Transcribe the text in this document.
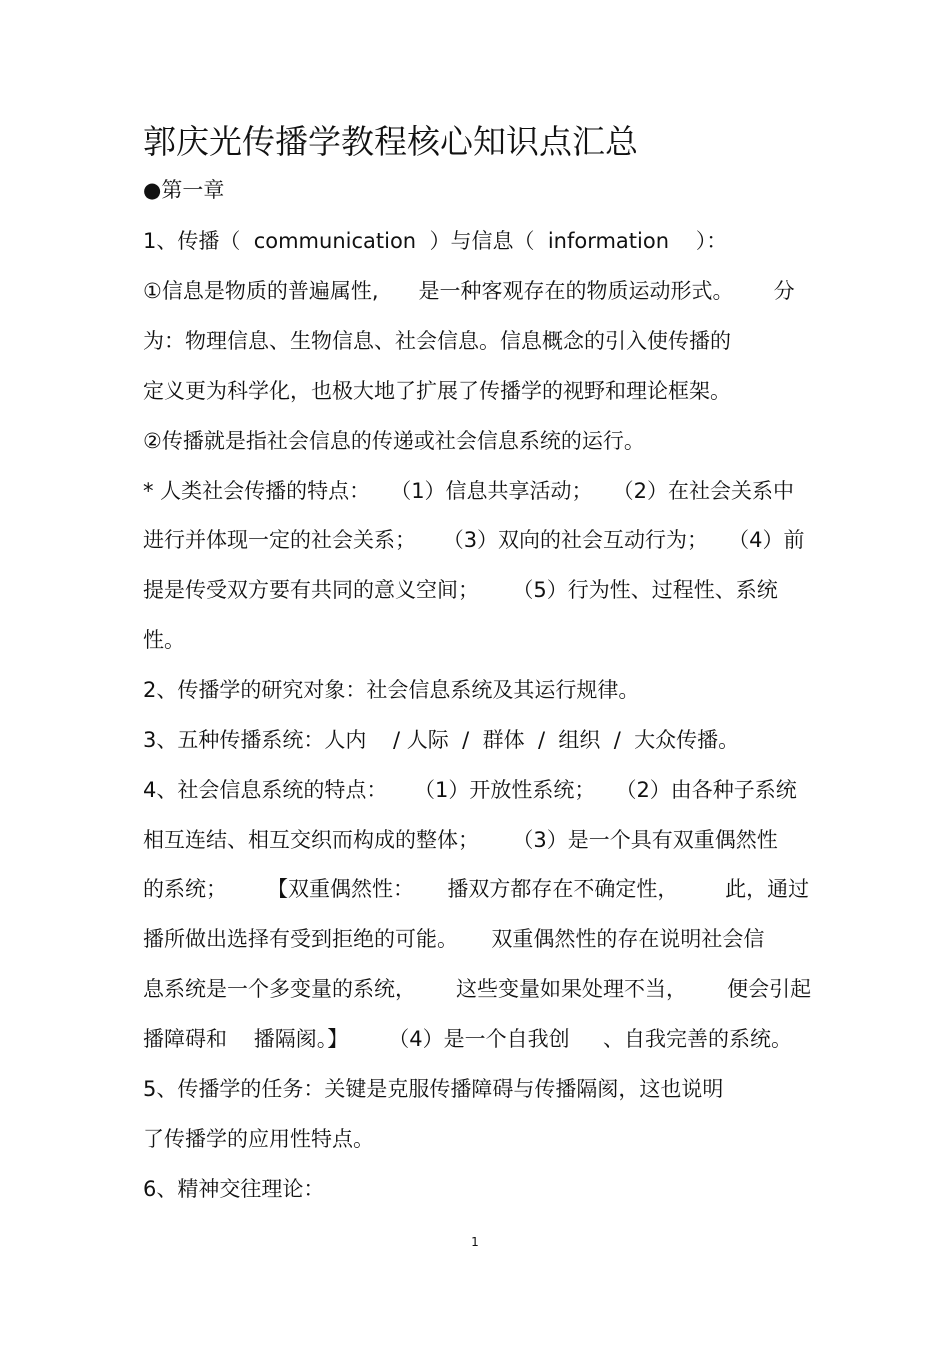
郭庆光传播学教程核心知识点汇总
●第一章
1、传播（  communication  ）与信息（  information    ）：
①信息是物质的普遍属性,      是一种客观存在的物质运动形式。      分
为：物理信息、生物信息、社会信息。信息概念的引入使传播的
定义更为科学化，也极大地了扩展了传播学的视野和理论框架。
②传播就是指社会信息的传递或社会信息系统的运行。
* 人类社会传播的特点：   （1）信息共享活动；   （2）在社会关系中
进行并体现一定的社会关系；    （3）双向的社会互动行为；   （4）前
提是传受双方要有共同的意义空间；     （5）行为性、过程性、系统
性。
2、传播学的研究对象：社会信息系统及其运行规律。
3、五种传播系统：人内    / 人际  /  群体  /  组织  /  大众传播。
4、社会信息系统的特点：    （1）开放性系统；   （2）由各种子系统
相互连结、相互交织而构成的整体；     （3）是一个具有双重偶然性
的系统；      【双重偶然性：     播双方都存在不确定性，       此，通过
播所做出选择有受到拒绝的可能。     双重偶然性的存在说明社会信
息系统是一个多变量的系统，      这些变量如果处理不当，      便会引起
播障碍和    播隔阂。】      （4）是一个自我创     、自我完善的系统。
5、传播学的任务：关键是克服传播障碍与传播隔阂，这也说明
了传播学的应用性特点。
6、精神交往理论：
1
